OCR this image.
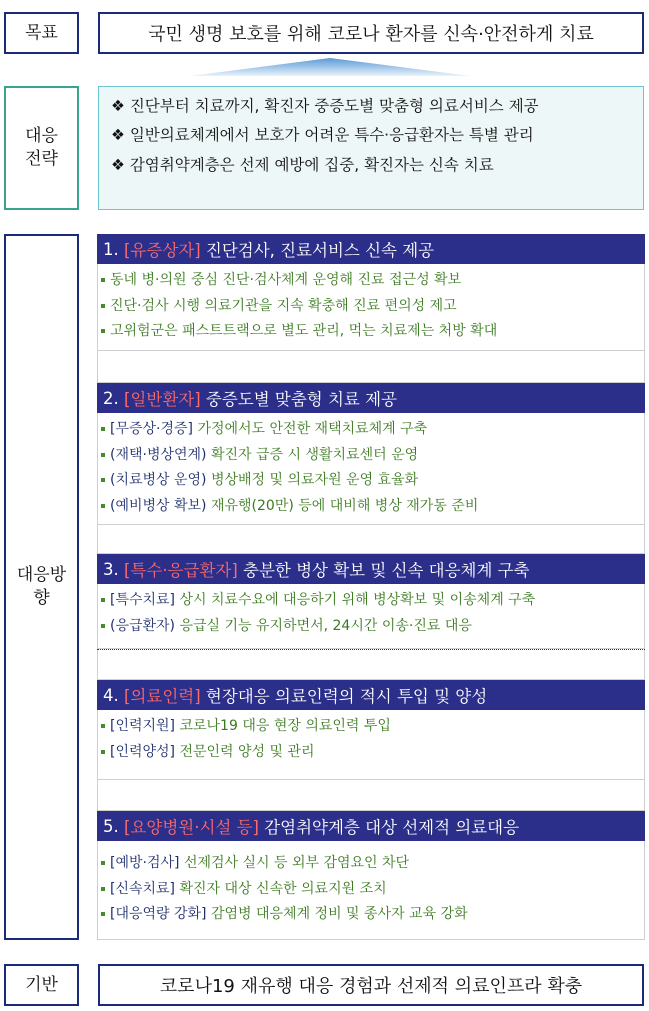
목표	국민 생명 보호를 위해 코로나 환자를 신속·안전하게 치료
대응
전략
❖ 진단부터 치료까지, 확진자 중증도별 맞춤형 의료서비스 제공
❖ 일반의료체계에서 보호가 어려운 특수·응급환자는 특별 관리
❖ 감염취약계층은 선제 예방에 집중, 확진자는 신속 치료
대응방
향
1.
[유증상자]
진단검사, 진료서비스 신속 제공
동네 병·의원 중심 진단·검사체계 운영해 진료 접근성 확보
진단·검사 시행 의료기관을 지속 확충해 진료 편의성 제고
고위험군은 패스트트랙으로 별도 관리, 먹는 치료제는 처방 확대
2.
[일반환자]
중증도별 맞춤형 치료 제공
[무증상·경증] 가정에서도 안전한 재택치료체계 구축
(재택·병상연계) 확진자 급증 시 생활치료센터 운영
(치료병상 운영) 병상배정 및 의료자원 운영 효율화
(예비병상 확보) 재유행(20만) 등에 대비해 병상 재가동 준비
3.
[특수·응급환자]
충분한 병상 확보 및 신속 대응체계 구축
[특수치료] 상시 치료수요에 대응하기 위해 병상확보 및 이송체계 구축
(응급환자) 응급실 기능 유지하면서, 24시간 이송·진료 대응
4.
[의료인력]
현장대응 의료인력의 적시 투입 및 양성
[인력지원] 코로나19 대응 현장 의료인력 투입
[인력양성] 전문인력 양성 및 관리
5.
[요양병원·시설 등]
감염취약계층 대상 선제적 의료대응
[예방·검사] 선제검사 실시 등 외부 감염요인 차단
[신속치료] 확진자 대상 신속한 의료지원 조치
[대응역량 강화] 감염병 대응체계 정비 및 종사자 교육 강화
기반	코로나19 재유행 대응 경험과 선제적 의료인프라 확충
